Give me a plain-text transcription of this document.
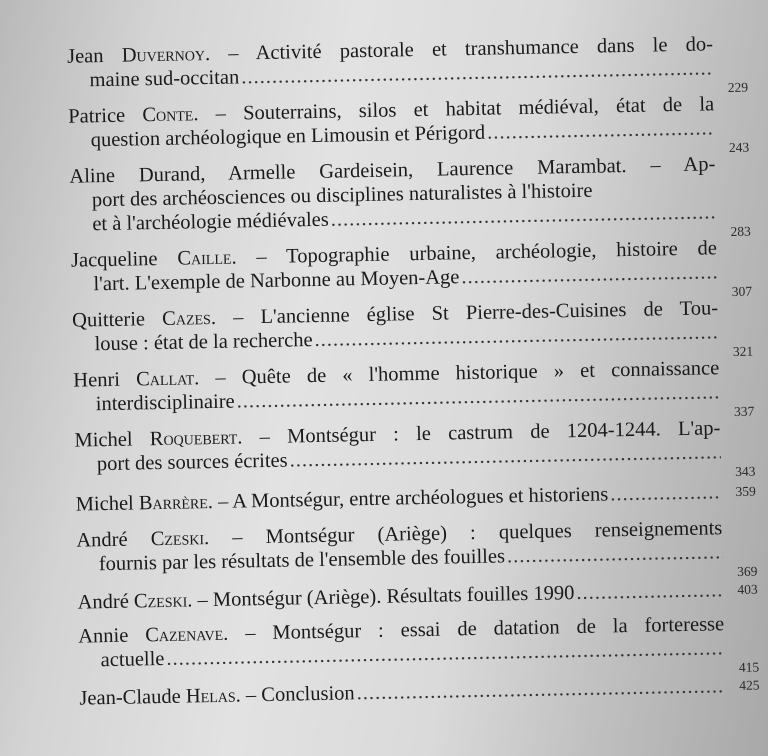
Jean Duvernoy. – Activité pastorale et transhumance dans le do-
maine sud-occitan .....	229
Patrice Conte. – Souterrains, silos et habitat médiéval, état de la
question archéologique en Limousin et Périgord
.....	243
Aline Durand, Armelle Gardeisein, Laurence Marambat. – Ap-
port des archéosciences ou disciplines naturalistes à l'histoire
et à l'archéologie médiévales .....	283
Jacqueline Caille. – Topographie urbaine, archéologie, histoire de
l'art. L'exemple de Narbonne au Moyen-Age
.....	307
Quitterie Cazes. – L'ancienne église St Pierre-des-Cuisines de Tou-
louse : état de la recherche .....	321
Henri Callat. – Quête de « l'homme historique » et connaissance
interdisciplinaire .....	337
Michel Roquebert. – Montségur : le castrum de 1204-1244. L'ap-
port des sources écrites .....	343
Michel
Barrère . – A Montségur, entre archéologues et historiens .....	359
André Czeski. – Montségur (Ariège) : quelques renseignements
fournis par les résultats de l'ensemble des fouilles
.....	369
André
Czeski . – Montségur (Ariège). Résultats fouilles 1990 .....	403
Annie Cazenave. – Montségur : essai de datation de la forteresse
actuelle .....	415
Jean-Claude
Helas . – Conclusion .....	425
